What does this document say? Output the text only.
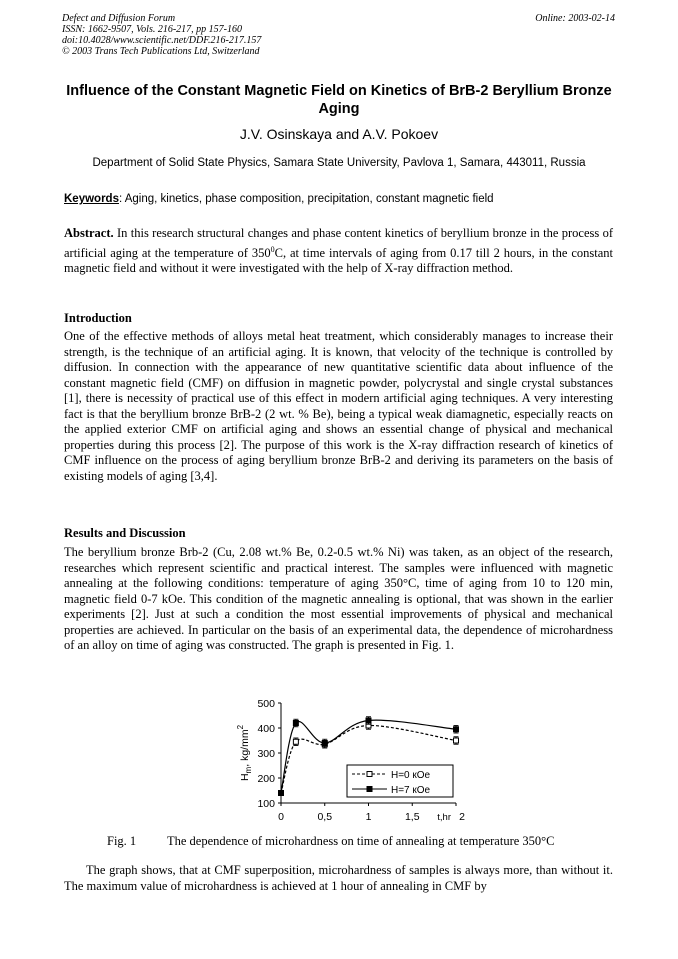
Defect and Diffusion Forum
ISSN: 1662-9507, Vols. 216-217, pp 157-160
doi:10.4028/www.scientific.net/DDF.216-217.157
© 2003 Trans Tech Publications Ltd, Switzerland
Online: 2003-02-14
Influence of the Constant Magnetic Field on Kinetics of BrB-2 Beryllium Bronze Aging
J.V. Osinskaya and A.V. Pokoev
Department of Solid State Physics, Samara State University, Pavlova 1, Samara, 443011, Russia
Keywords: Aging, kinetics, phase composition, precipitation, constant magnetic field
Abstract. In this research structural changes and phase content kinetics of beryllium bronze in the process of artificial aging at the temperature of $350^0C$, at time intervals of aging from 0.17 till 2 hours, in the constant magnetic field and without it were investigated with the help of X-ray diffraction method.
Introduction
One of the effective methods of alloys metal heat treatment, which considerably manages to increase their strength, is the technique of an artificial aging. It is known, that velocity of the technique is controlled by diffusion. In connection with the appearance of new quantitative scientific data about influence of the constant magnetic field (CMF) on diffusion in magnetic powder, polycrystal and single crystal substances [1], there is necessity of practical use of this effect in modern artificial aging techniques. A very interesting fact is that the beryllium bronze BrB-2 (2 wt. % Be), being a typical weak diamagnetic, especially reacts on the applied exterior CMF on artificial aging and shows an essential change of physical and mechanical properties during this process [2]. The purpose of this work is the X-ray diffraction research of kinetics of CMF influence on the process of aging beryllium bronze BrB-2 and deriving its parameters on the basis of existing models of aging [3,4].
Results and Discussion
The beryllium bronze Brb-2 (Cu, 2.08 wt.% Be, 0.2-0.5 wt.% Ni) was taken, as an object of the research, researches which represent scientific and practical interest. The samples were influenced with magnetic annealing at the following conditions: temperature of aging 350°C, time of aging from 10 to 120 min, magnetic field 0-7 kOe. This condition of the magnetic annealing is optional, that was shown in the earlier experiments [2]. Just at such a condition the most essential improvements of physical and mechanical properties are achieved. In particular on the basis of an experimental data, the dependence of microhardness of an alloy on time of aging was constructed. The graph is presented in Fig. 1.
100
200
300
400
500
0	0,5	1	1,5	2
t,hr
$H_m$, $kg/mm^2$
H=0 кОе
H=7 кОе
Fig. 1 The dependence of microhardness on time of annealing at temperature 350°C
The graph shows, that at CMF superposition, microhardness of samples is always more, than without it. The maximum value of microhardness is achieved at 1 hour of annealing in CMF by
